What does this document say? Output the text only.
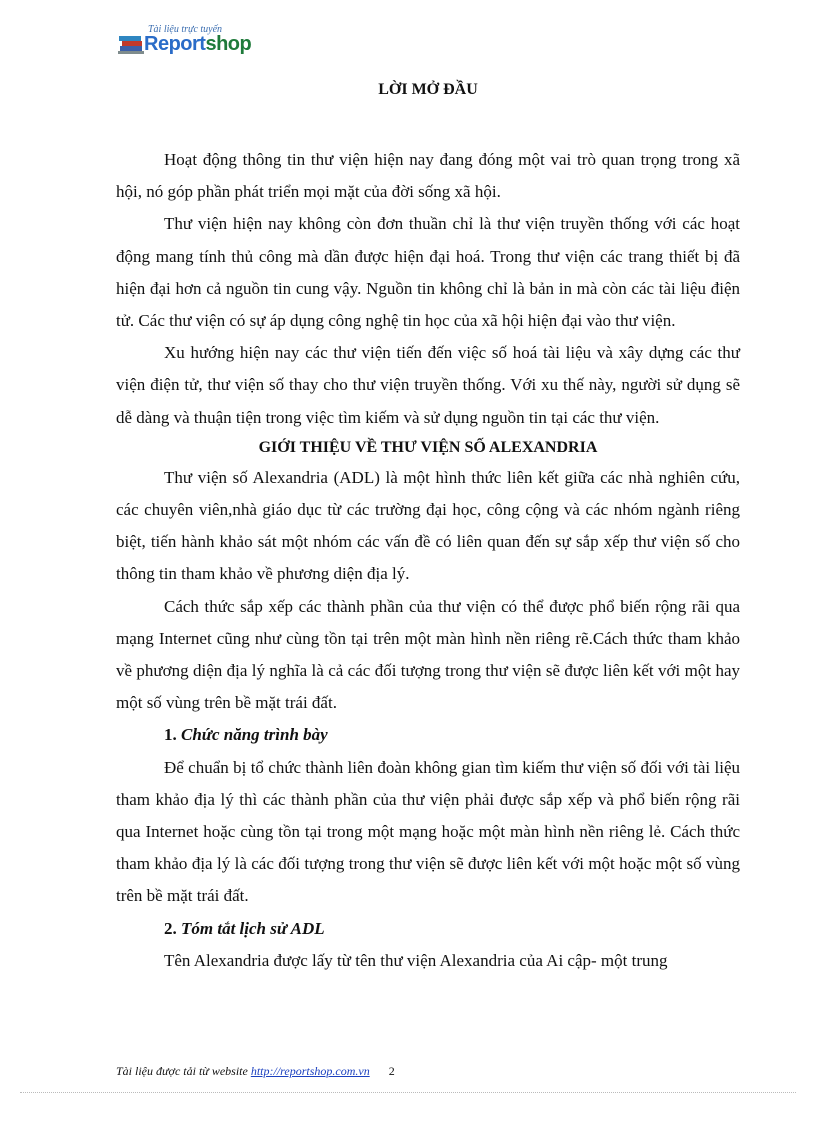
Tài liệu trực tuyến
Reportshop
LỜI MỞ ĐẦU

Hoạt động thông tin thư viện hiện nay đang đóng một vai trò quan trọng trong xã hội, nó góp phần phát triển mọi mặt của đời sống xã hội.

Thư viện hiện nay không còn đơn thuần chỉ là thư viện truyền thống với các hoạt động mang tính thủ công mà dần được hiện đại hoá. Trong thư viện các trang thiết bị đã hiện đại hơn cả nguồn tin cung vậy. Nguồn tin không chỉ là bản in mà còn các tài liệu điện tử. Các thư viện có sự áp dụng công nghệ tin học của xã hội hiện đại vào thư viện.

Xu hướng hiện nay các thư viện tiến đến việc số hoá tài liệu và xây dựng các thư viện điện tử, thư viện số thay cho thư viện truyền thống. Với xu thế này, người sử dụng sẽ dễ dàng và thuận tiện trong việc tìm kiếm và sử dụng nguồn tin tại các thư viện.

GIỚI THIỆU VỀ THƯ VIỆN SỐ ALEXANDRIA

Thư viện số Alexandria (ADL) là một hình thức liên kết giữa các nhà nghiên cứu, các chuyên viên,nhà giáo dục từ các trường đại học, công cộng và các nhóm ngành riêng biệt, tiến hành khảo sát một nhóm các vấn đề có liên quan đến sự sắp xếp thư viện số cho thông tin tham khảo về phương diện địa lý.

Cách thức sắp xếp các thành phần của thư viện có thể được phổ biến rộng rãi qua mạng Internet cũng như cùng tồn tại trên một màn hình nền riêng rẽ.Cách thức tham khảo về phương diện địa lý nghĩa là cả các đối tượng trong thư viện sẽ được liên kết với một hay một số vùng trên bề mặt trái đất.

1. Chức năng trình bày

Để chuẩn bị tổ chức thành liên đoàn không gian tìm kiếm thư viện số đối với tài liệu tham khảo địa lý thì các thành phần của thư viện phải được sắp xếp và phổ biến rộng rãi qua Internet hoặc cùng tồn tại trong một mạng hoặc một màn hình nền riêng lẻ. Cách thức tham khảo địa lý là các đối tượng trong thư viện sẽ được liên kết với một hoặc một số vùng trên bề mặt trái đất.

2. Tóm tắt lịch sử ADL

Tên Alexandria được lấy từ tên thư viện Alexandria của Ai cập- một trung

Tài liệu được tải từ website http://reportshop.com.vn 2
